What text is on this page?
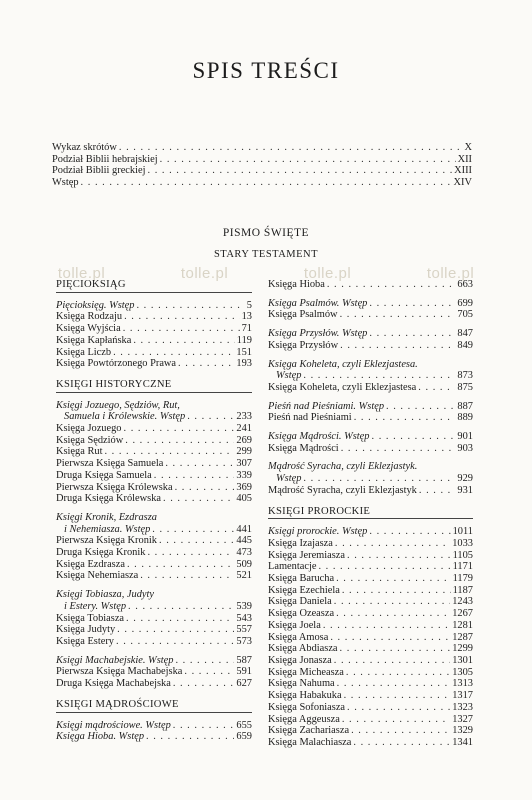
SPIS TREŚCI
Wykaz skrótów . . .	X
Podział Biblii hebrajskiej . . .	XII
Podział Biblii greckiej . . .	XIII
Wstęp . . .	XIV
PISMO ŚWIĘTE
STARY TESTAMENT
tolle.pl	tolle.pl	tolle.pl	tolle.pl
PIĘCIOKSIĄG
Pięcioksięg. Wstęp . . .	5
Księga Rodzaju . . .	13
Księga Wyjścia . . .	71
Księga Kapłańska . . .	119
Księga Liczb . . .	151
Księga Powtórzonego Prawa . . .	193
KSIĘGI HISTORYCZNE
Księgi Jozuego, Sędziów, Rut,
Samuela i Królewskie. Wstęp . . .	233
Księga Jozuego . . .	241
Księga Sędziów . . .	269
Księga Rut . . .	299
Pierwsza Księga Samuela . . .	307
Druga Księga Samuela . . .	339
Pierwsza Księga Królewska . . .	369
Druga Księga Królewska . . .	405
Księgi Kronik, Ezdrasza
i Nehemiasza. Wstęp . . .	441
Pierwsza Księga Kronik . . .	445
Druga Księga Kronik . . .	473
Księga Ezdrasza . . .	509
Księga Nehemiasza . . .	521
Księgi Tobiasza, Judyty
i Estery. Wstęp . . .	539
Księga Tobiasza . . .	543
Księga Judyty . . .	557
Księga Estery . . .	573
Księgi Machabejskie. Wstęp . . .	587
Pierwsza Księga Machabejska . . .	591
Druga Księga Machabejska . . .	627
KSIĘGI MĄDROŚCIOWE
Księgi mądrościowe. Wstęp . . .	655
Księga Hioba. Wstęp . . .	659
Księga Hioba . . .	663
Księga Psalmów. Wstęp . . .	699
Księga Psalmów . . .	705
Księga Przysłów. Wstęp . . .	847
Księga Przysłów . . .	849
Księga Koheleta, czyli Eklezjastesa.
Wstęp . . .	873
Księga Koheleta, czyli Eklezjastesa . . .	875
Pieśń nad Pieśniami. Wstęp . . .	887
Pieśń nad Pieśniami . . .	889
Księga Mądrości. Wstęp . . .	901
Księga Mądrości . . .	903
Mądrość Syracha, czyli Eklezjastyk.
Wstęp . . .	929
Mądrość Syracha, czyli Eklezjastyk . . .	931
KSIĘGI PROROCKIE
Księgi prorockie. Wstęp . . .	1011
Księga Izajasza . . .	1033
Księga Jeremiasza . . .	1105
Lamentacje . . .	1171
Księga Barucha . . .	1179
Księga Ezechiela . . .	1187
Księga Daniela . . .	1243
Księga Ozeasza . . .	1267
Księga Joela . . .	1281
Księga Amosa . . .	1287
Księga Abdiasza . . .	1299
Księga Jonasza . . .	1301
Księga Micheasza . . .	1305
Księga Nahuma . . .	1313
Księga Habakuka . . .	1317
Księga Sofoniasza . . .	1323
Księga Aggeusza . . .	1327
Księga Zachariasza . . .	1329
Księga Malachiasza . . .	1341
